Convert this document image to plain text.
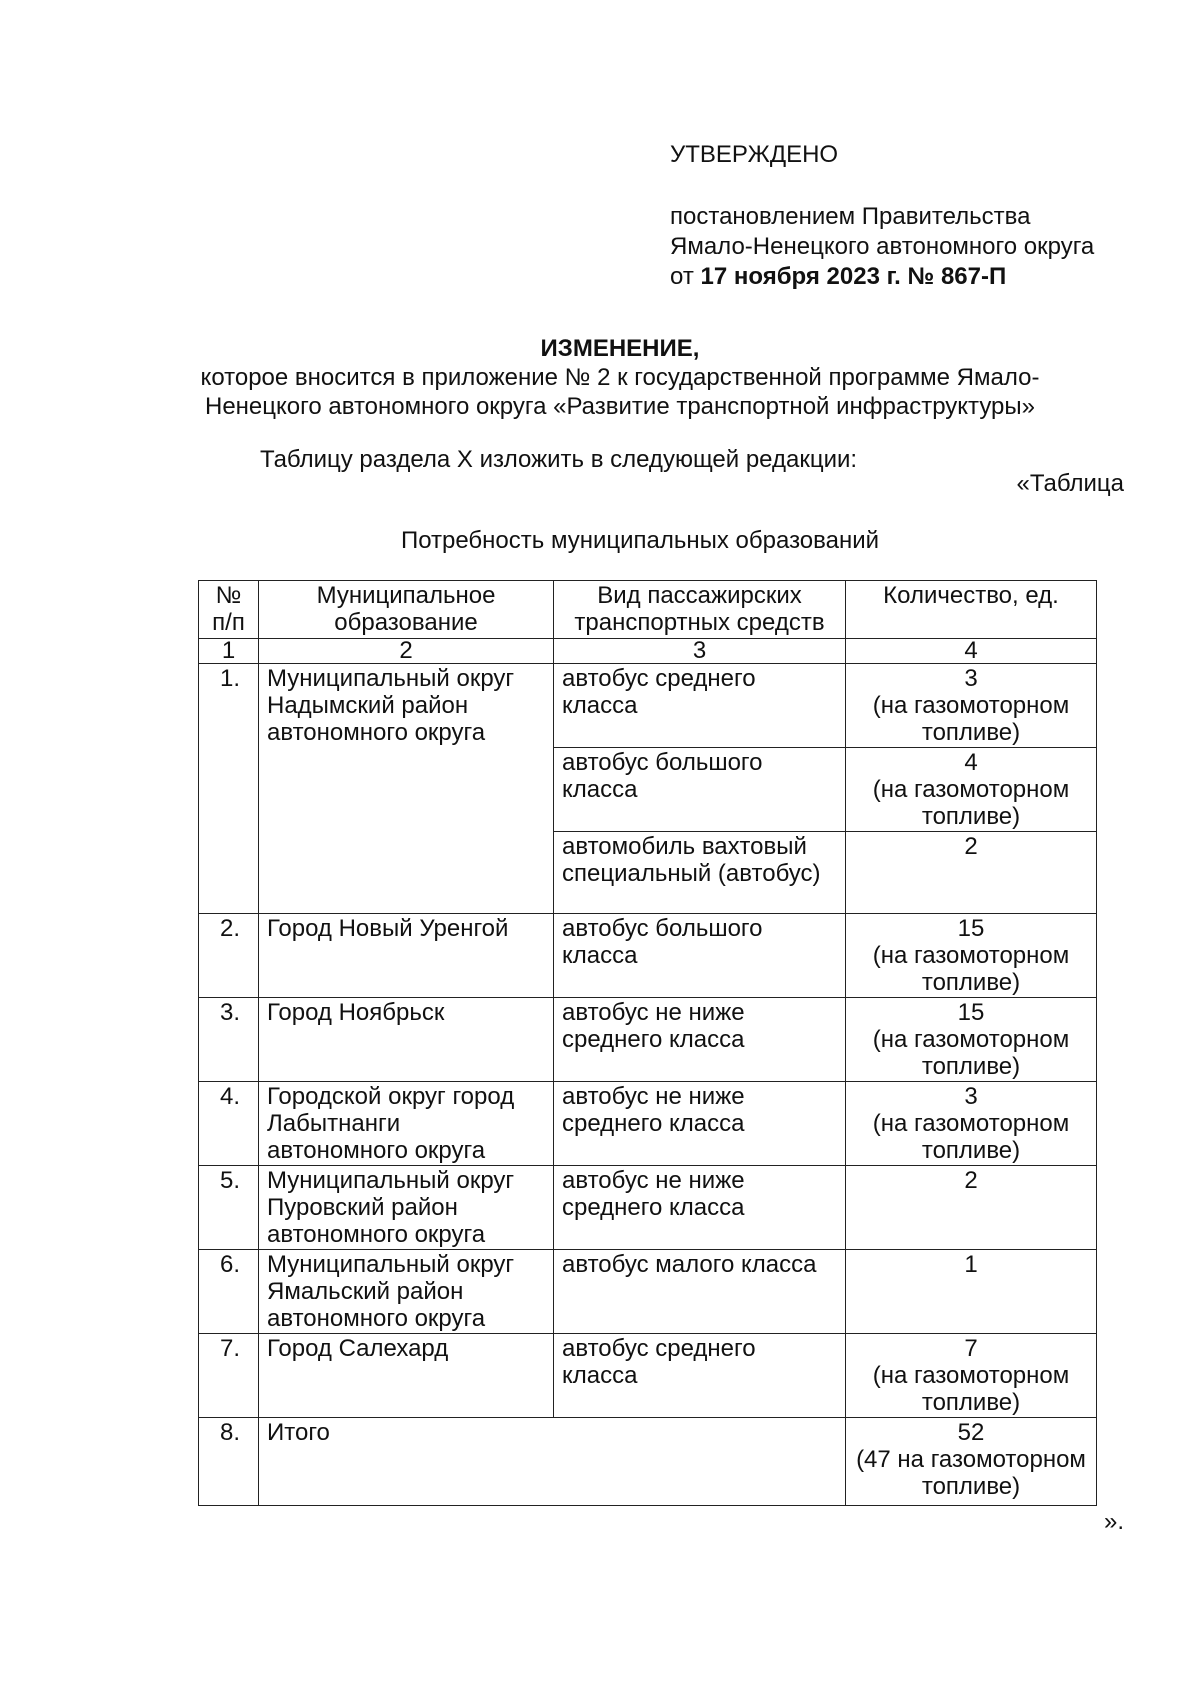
УТВЕРЖДЕНО
постановлением Правительства
Ямало-Ненецкого автономного округа
от 17 ноября 2023 г. № 867-П
ИЗМЕНЕНИЕ,
которое вносится в приложение № 2 к государственной программе Ямало-
Ненецкого автономного округа «Развитие транспортной инфраструктуры»
Таблицу раздела X изложить в следующей редакции:
«Таблица
Потребность муниципальных образований
№ п/п	Муниципальное образование	Вид пассажирских транспортных средств	Количество, ед.
1	2	3	4
1.	Муниципальный округ Надымский район автономного округа	автобус среднего класса	3
(на газомоторном топливе)

		автобус большого класса	4
(на газомоторном топливе)

		автомобиль вахтовый специальный (автобус)	2

2.	Город Новый Уренгой	автобус большого класса	15
(на газомоторном топливе)

3.	Город Ноябрьск	автобус не ниже среднего класса	15
(на газомоторном топливе)

4.	Городской округ город Лабытнанги автономного округа	автобус не ниже среднего класса	3
(на газомоторном топливе)

5.	Муниципальный округ Пуровский район автономного округа	автобус не ниже среднего класса	2

6.	Муниципальный округ Ямальский район автономного округа	автобус малого класса	1

7.	Город Салехард	автобус среднего класса	7
(на газомоторном топливе)

8.	Итого		52
(47 на газомоторном топливе)
».
